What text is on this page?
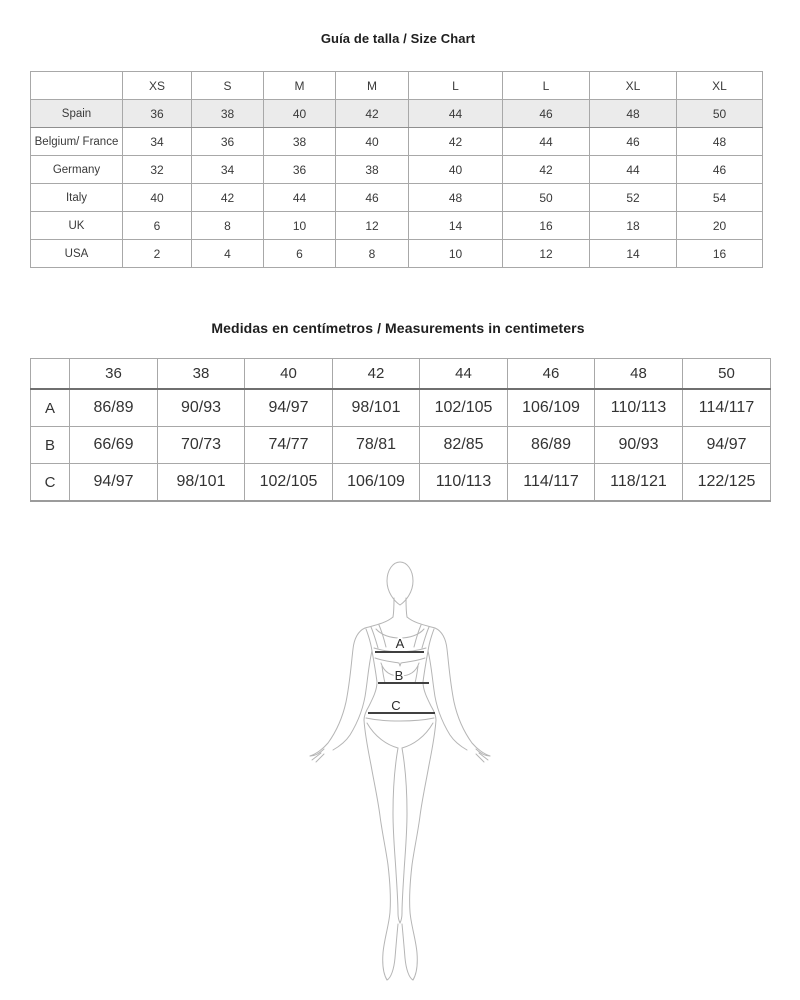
Guía de talla / Size Chart
	XS	S	M	M	L	L	XL	XL
Spain	36	38	40	42	44	46	48	50
Belgium/ France	34	36	38	40	42	44	46	48
Germany	32	34	36	38	40	42	44	46
Italy	40	42	44	46	48	50	52	54
UK	6	8	10	12	14	16	18	20
USA	2	4	6	8	10	12	14	16
Medidas en centímetros / Measurements in centimeters
	36	38	40	42	44	46	48	50
A	86/89	90/93	94/97	98/101	102/105	106/109	110/113	114/117
B	66/69	70/73	74/77	78/81	82/85	86/89	90/93	94/97
C	94/97	98/101	102/105	106/109	110/113	114/117	118/121	122/125
A
B
C
